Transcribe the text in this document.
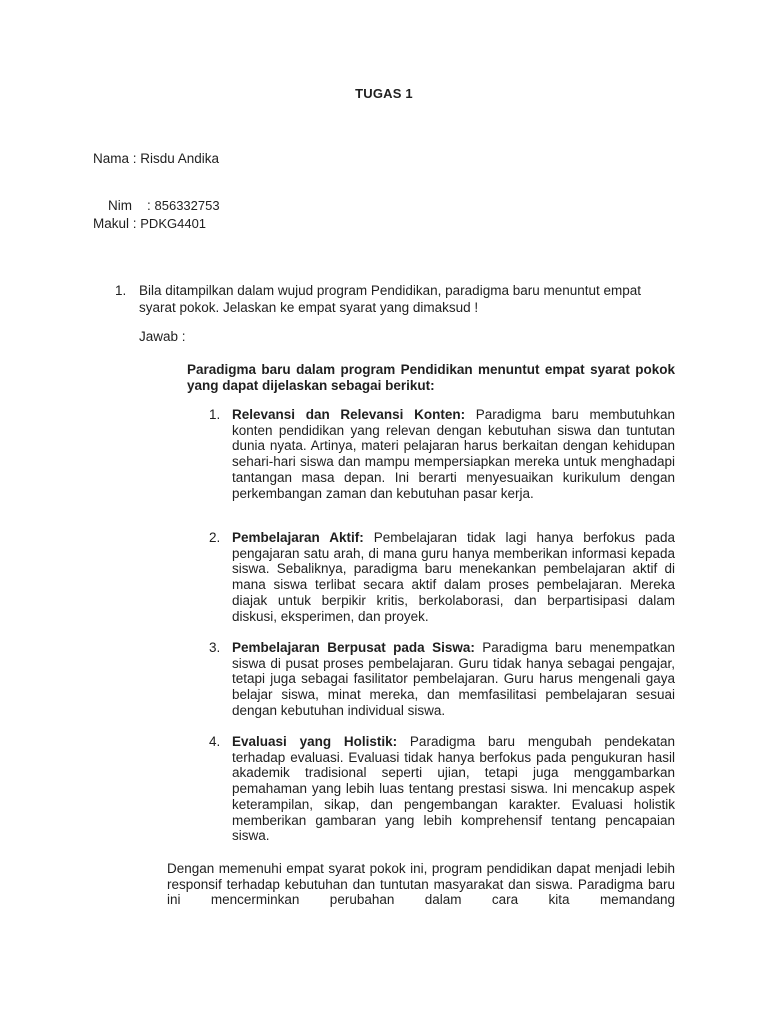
TUGAS 1
Nama : Risdu Andika

Nim    : 856332753

Makul : PDKG4401
1. Bila ditampilkan dalam wujud program Pendidikan, paradigma baru menuntut empat syarat pokok. Jelaskan ke empat syarat yang dimaksud !

Jawab :

Paradigma baru dalam program Pendidikan menuntut empat syarat pokok yang dapat dijelaskan sebagai berikut:

1. Relevansi dan Relevansi Konten: Paradigma baru membutuhkan konten pendidikan yang relevan dengan kebutuhan siswa dan tuntutan dunia nyata. Artinya, materi pelajaran harus berkaitan dengan kehidupan sehari-hari siswa dan mampu mempersiapkan mereka untuk menghadapi tantangan masa depan. Ini berarti menyesuaikan kurikulum dengan perkembangan zaman dan kebutuhan pasar kerja.

2. Pembelajaran Aktif: Pembelajaran tidak lagi hanya berfokus pada pengajaran satu arah, di mana guru hanya memberikan informasi kepada siswa. Sebaliknya, paradigma baru menekankan pembelajaran aktif di mana siswa terlibat secara aktif dalam proses pembelajaran. Mereka diajak untuk berpikir kritis, berkolaborasi, dan berpartisipasi dalam diskusi, eksperimen, dan proyek.

3. Pembelajaran Berpusat pada Siswa: Paradigma baru menempatkan siswa di pusat proses pembelajaran. Guru tidak hanya sebagai pengajar, tetapi juga sebagai fasilitator pembelajaran. Guru harus mengenali gaya belajar siswa, minat mereka, dan memfasilitasi pembelajaran sesuai dengan kebutuhan individual siswa.

4. Evaluasi yang Holistik: Paradigma baru mengubah pendekatan terhadap evaluasi. Evaluasi tidak hanya berfokus pada pengukuran hasil akademik tradisional seperti ujian, tetapi juga menggambarkan pemahaman yang lebih luas tentang prestasi siswa. Ini mencakup aspek keterampilan, sikap, dan pengembangan karakter. Evaluasi holistik memberikan gambaran yang lebih komprehensif tentang pencapaian siswa.

Dengan memenuhi empat syarat pokok ini, program pendidikan dapat menjadi lebih responsif terhadap kebutuhan dan tuntutan masyarakat dan siswa. Paradigma baru ini mencerminkan perubahan dalam cara kita memandang
